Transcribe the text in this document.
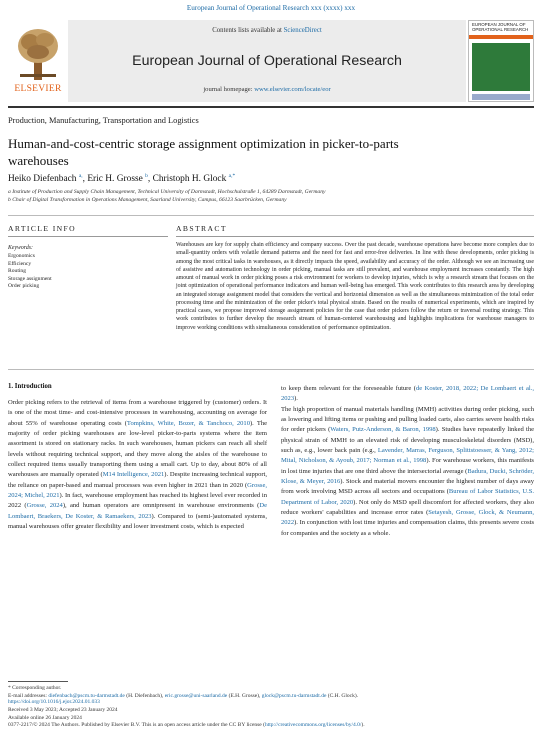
European Journal of Operational Research xxx (xxxx) xxx
ELSEVIER
Contents lists available at ScienceDirect
European Journal of Operational Research
journal homepage: www.elsevier.com/locate/eor
EUROPEAN JOURNAL OF OPERATIONAL RESEARCH
Production, Manufacturing, Transportation and Logistics
Human-and-cost-centric storage assignment optimization in picker-to-parts
warehouses
Heiko Diefenbach $^{a,}$, Eric H. Grosse $^b$, Christoph H. Glock $^{a,*}$
a Institute of Production and Supply Chain Management, Technical University of Darmstadt, Hochschulstraße 1, 64289 Darmstadt, Germany
b Chair of Digital Transformation in Operations Management, Saarland University, Campus, 66123 Saarbrücken, Germany
ARTICLE INFO	ABSTRACT
Keywords:
Ergonomics
Efficiency
Routing
Storage assignment
Order picking
Warehouses are key for supply chain efficiency and company success. Over the past decade, warehouse operations have become more complex due to small-quantity orders with volatile demand patterns and the need for fast and error-free deliveries. In line with these developments, order picking is among the most critical tasks in warehouses, as it directly impacts the speed, availability and accuracy of the order. Although we see an increasing use of assistive and automation technology in order picking, manual tasks are still prevalent, and warehouse employment increases constantly. The high amount of manual work in order picking poses a risk environment for workers to develop injuries, which is why a research stream that focuses on the joint optimization of operational performance indicators and human well-being has emerged. This work contributes to this research area by developing an integrated storage assignment model that considers the vertical and horizontal dimension as well as the simultaneous minimization of the total order processing time and the minimization of the order picker's total physical strain. Based on the results of numerical experiments, which are inspired by practical cases, we propose improved storage assignment policies for the case that order pickers follow the return or traversal routing strategy. This work contributes to further develop the research stream of human-centered warehousing and highlights implications for warehouse managers to improve working conditions with simultaneous consideration of performance optimization.
1. Introduction
Order picking refers to the retrieval of items from a warehouse triggered by (customer) orders. It is one of the most time- and cost-intensive processes in warehousing, accounting on average for about 55% of warehouse operating costs (Tompkins, White, Bozer, & Tanchoco, 2010). The majority of order picking warehouses are low-level picker-to-parts systems where the item assortment is stored on stationary racks. In such warehouses, human pickers can reach all shelf levels without requiring technical support, and they move along the aisles of the warehouse to collect required items usually transporting them using a small cart. Up to day, about 80% of all warehouses are manually operated (M14 Intelligence, 2021). Despite increasing technical support, the reliance on paper-based and manual processes was even higher in 2021 than in 2020 (Grosse, 2024; Michel, 2021). In fact, warehouse employment has reached its highest level ever recorded in 2022 (Grosse, 2024), and human operators are omnipresent in warehouse environments (De Lombaert, Braekers, De Koster, & Ramaekers, 2023). Compared to (semi-)automated systems, manual warehouses offer greater flexibility and lower investment costs, which is expected
to keep them relevant for the foreseeable future (de Koster, 2018, 2022; De Lombaert et al., 2023).
The high proportion of manual materials handling (MMH) activities during order picking, such as lowering and lifting items or pushing and pulling loaded carts, also carries severe health risks for order pickers (Waters, Putz-Anderson, & Baron, 1998). Studies have repeatedly linked the physical strain of MMH to an elevated risk of developing musculoskeletal disorders (MSD), such as, e.g., lower back pain (e.g., Lavender, Marras, Ferguson, Splittstoesser, & Yang, 2012; Mital, Nicholson, & Ayoub, 2017; Norman et al., 1998). For warehouse workers, this manifests in lost time injuries that are one third above the intersectorial average (Badura, Ducki, Schröder, Klose, & Meyer, 2016). Stock and material movers encounter the highest number of days away from work involving MSD across all sectors and occupations (Bureau of Labor Statistics, U.S. Department of Labor, 2020). Not only do MSD spell discomfort for affected workers, they also reduce workers' capabilities and increase error rates (Setayesh, Grosse, Glock, & Neumann, 2022). In conjunction with lost time injuries and compensation claims, this presents severe costs for companies and the society as a whole.
* Corresponding author.
E-mail addresses: diefenbach@pscm.tu-darmstadt.de (H. Diefenbach), eric.grosse@uni-saarland.de (E.H. Grosse), glock@pscm.tu-darmstadt.de (C.H. Glock).
https://doi.org/10.1016/j.ejor.2024.01.033
Received 3 May 2023; Accepted 23 January 2024
Available online 26 January 2024
0377-2217/© 2024 The Authors. Published by Elsevier B.V. This is an open access article under the CC BY license (http://creativecommons.org/licenses/by/4.0/).
